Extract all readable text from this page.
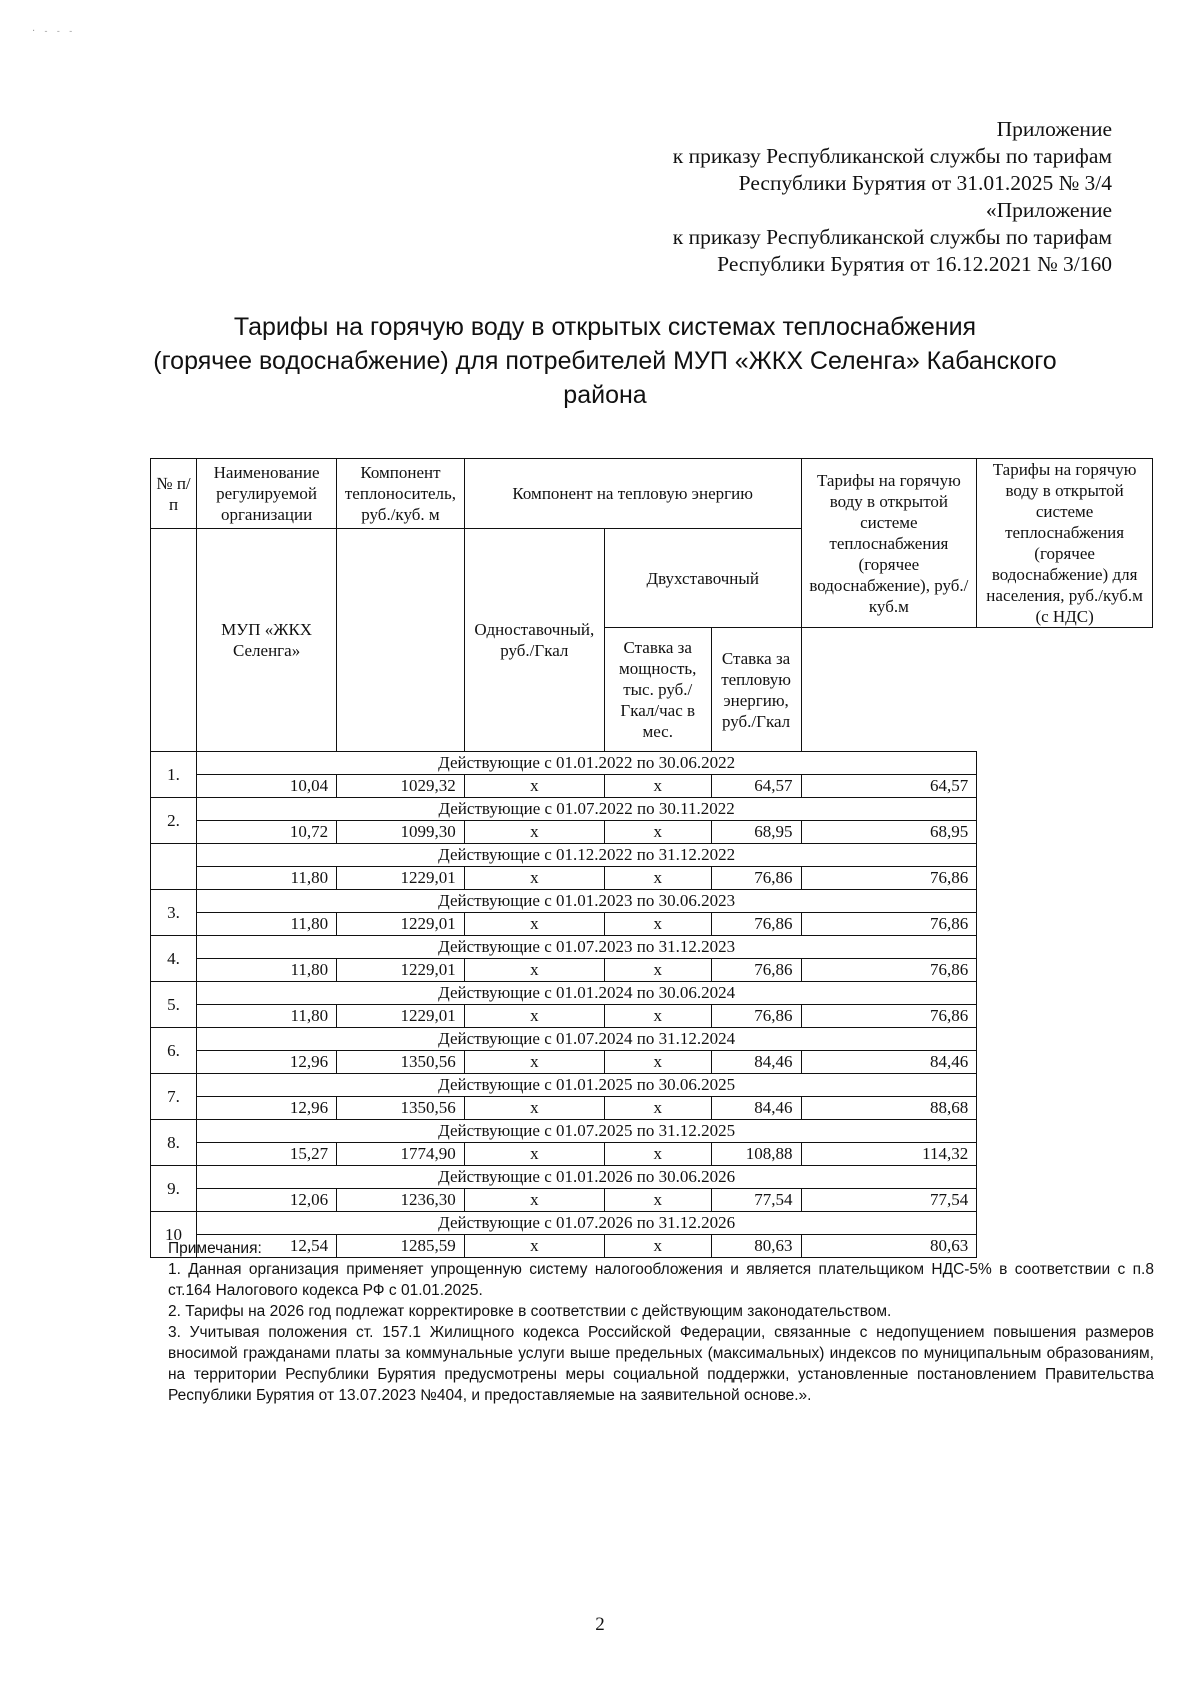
· ˗ ˗ ˗
Приложение
к приказу Республиканской службы по тарифам
Республики Бурятия от 31.01.2025 № 3/4
«Приложение
к приказу Республиканской службы по тарифам
Республики Бурятия от 16.12.2021 № 3/160
Тарифы на горячую воду в открытых системах теплоснабжения
(горячее водоснабжение) для потребителей МУП «ЖКХ Селенга» Кабанского
района
№ п/п	Наименование регулируемой организации	Компонент теплоноситель, руб./куб. м	Компонент на тепловую энергию			Тарифы на горячую воду в открытой системе теплоснабжения (горячее водоснабжение), руб./куб.м	Тарифы на горячую воду в открытой системе теплоснабжения (горячее водоснабжение) для населения, руб./куб.м (с НДС)
	МУП «ЖКХ Селенга»		Одноставочный, руб./Гкал	Двухставочный			
				Ставка за мощность, тыс. руб./Гкал/час в мес.	Ставка за тепловую энергию, руб./Гкал		
1.	Действующие с 01.01.2022 по 30.06.2022						
	10,04	1029,32	х	х	64,57	64,57	
2.	Действующие с 01.07.2022 по 30.11.2022						
	10,72	1099,30	х	х	68,95	68,95	
	Действующие с 01.12.2022 по 31.12.2022						
	11,80	1229,01	х	х	76,86	76,86	
3.	Действующие с 01.01.2023 по 30.06.2023						
	11,80	1229,01	х	х	76,86	76,86	
4.	Действующие с 01.07.2023 по 31.12.2023						
	11,80	1229,01	х	х	76,86	76,86	
5.	Действующие с 01.01.2024 по 30.06.2024						
	11,80	1229,01	х	х	76,86	76,86	
6.	Действующие с 01.07.2024 по 31.12.2024						
	12,96	1350,56	х	х	84,46	84,46	
7.	Действующие с 01.01.2025 по 30.06.2025						
	12,96	1350,56	х	х	84,46	88,68	
8.	Действующие с 01.07.2025 по 31.12.2025						
	15,27	1774,90	х	х	108,88	114,32	
9.	Действующие с 01.01.2026 по 30.06.2026						
	12,06	1236,30	х	х	77,54	77,54	
10	Действующие с 01.07.2026 по 31.12.2026						
	12,54	1285,59	х	х	80,63	80,63	

Примечания:

1. Данная организация применяет упрощенную систему налогообложения и является плательщиком НДС-5% в соответствии с п.8 ст.164 Налогового кодекса РФ с 01.01.2025.

2. Тарифы на 2026 год подлежат корректировке в соответствии с действующим законодательством.

3. Учитывая положения ст. 157.1 Жилищного кодекса Российской Федерации, связанные с недопущением повышения размеров вносимой гражданами платы за коммунальные услуги выше предельных (максимальных) индексов по муниципальным образованиям, на территории Республики Бурятия предусмотрены меры социальной поддержки, установленные постановлением Правительства Республики Бурятия от 13.07.2023 №404, и предоставляемые на заявительной основе.».

2
